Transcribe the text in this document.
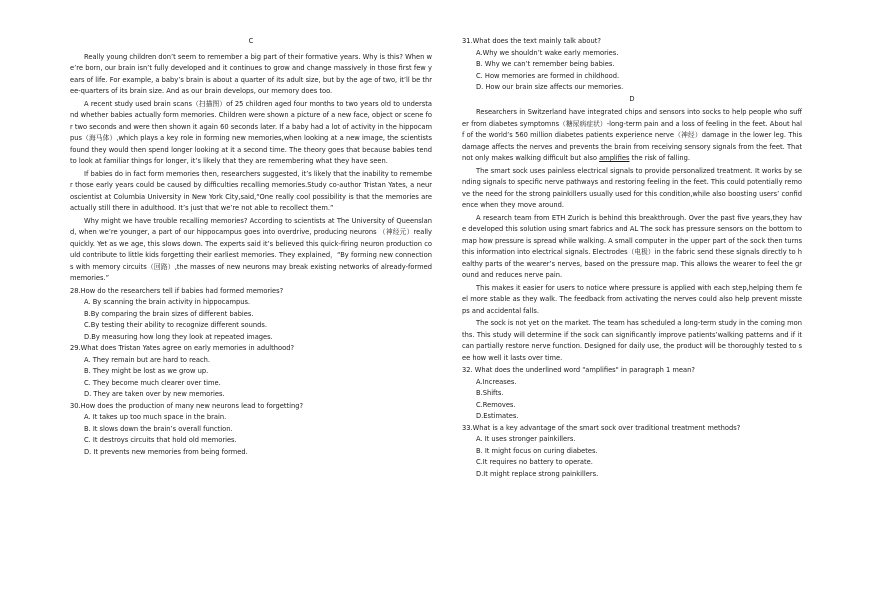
C

Really young children don’t seem to remember a big part of their formative years. Why is this? When we’re born, our brain isn’t fully developed and it continues to grow and change massively in those first few years of life. For example, a baby’s brain is about a quarter of its adult size, but by the age of two, it’ll be three-quarters of its brain size. And as our brain develops, our memory does too.

A recent study used brain scans（扫描图）of 25 children aged four months to two years old to understand whether babies actually form memories. Children were shown a picture of a new face, object or scene for two seconds and were then shown it again 60 seconds later. If a baby had a lot of activity in the hippocampus（海马体）,which plays a key role in forming new memories,when looking at a new image, the scientists found they would then spend longer looking at it a second time. The theory goes that because babies tend to look at familiar things for longer, it’s likely that they are remembering what they have seen.

If babies do in fact form memories then, researchers suggested, it’s likely that the inability to remember those early years could be caused by difficulties recalling memories.Study co-author Tristan Yates, a neuroscientist at Columbia University in New York City,said,“One really cool possibility is that the memories are actually still there in adulthood. It’s just that we’re not able to recollect them.”

Why might we have trouble recalling memories? According to scientists at The University of Queensland, when we’re younger, a part of our hippocampus goes into overdrive, producing neurons （神经元）really quickly. Yet as we age, this slows down. The experts said it’s believed this quick-firing neuron production could contribute to little kids forgetting their earliest memories. They explained，“By forming new connections with memory circuits（回路）,the masses of new neurons may break existing networks of already-formed memories.”

28.How do the researchers tell if babies had formed memories?

A. By scanning the brain activity in hippocampus.

B.By comparing the brain sizes of different babies.

C.By testing their ability to recognize different sounds.

D.By measuring how long they look at repeated images.

29.What does Tristan Yates agree on early memories in adulthood?

A. They remain but are hard to reach.

B. They might be lost as we grow up.

C. They become much clearer over time.

D. They are taken over by new memories.

30.How does the production of many new neurons lead to forgetting?

A. It takes up too much space in the brain.

B. It slows down the brain’s overall function.

C. It destroys circuits that hold old memories.

D. It prevents new memories from being formed.

31.What does the text mainly talk about?

A.Why we shouldn’t wake early memories.

B. Why we can’t remember being babies.

C. How memories are formed in childhood.

D. How our brain size affects our memories.

D

Researchers in Switzerland have integrated chips and sensors into socks to help people who suffer from diabetes symptomns（糖尿病症状）-long-term pain and a loss of feeling in the feet. About half of the world’s 560 million diabetes patients experience nerve（神经）damage in the lower leg. This damage affects the nerves and prevents the brain from receiving sensory signals from the feet. That not only makes walking difficult but also amplifies the risk of falling.

The smart sock uses painless electrical signals to provide personalized treatment. It works by sending signals to specific nerve pathways and restoring feeling in the feet. This could potentially remove the need for the strong painkillers usually used for this condition,while also boosting users’ confidence when they move around.

A research team from ETH Zurich is behind this breakthrough. Over the past five years,they have developed this solution using smart fabrics and AL The sock has pressure sensors on the bottom to map how pressure is spread while walking. A small computer in the upper part of the sock then turns this information into electrical signals. Electrodes（电极）in the fabric send these signals directly to healthy parts of the wearer’s nerves, based on the pressure map. This allows the wearer to feel the ground and reduces nerve pain.

This makes it easier for users to notice where pressure is applied with each step,helping them feel more stable as they walk. The feedback from activating the nerves could also help prevent missteps and accidental falls.

The sock is not yet on the market. The team has scheduled a long-term study in the coming months. This study will determine if the sock can significantly improve patients’walking patterns and if it can partially restore nerve function. Designed for daily use, the product will be thoroughly tested to see how well it lasts over time.

32. What does the underlined word "amplifies" in paragraph 1 mean?

A.Increases.

B.Shifts.

C.Removes.

D.Estimates.

33.What is a key advantage of the smart sock over traditional treatment methods?

A. It uses stronger painkillers.

B. It might focus on curing diabetes.

C.It requires no battery to operate.

D.It might replace strong painkillers.
